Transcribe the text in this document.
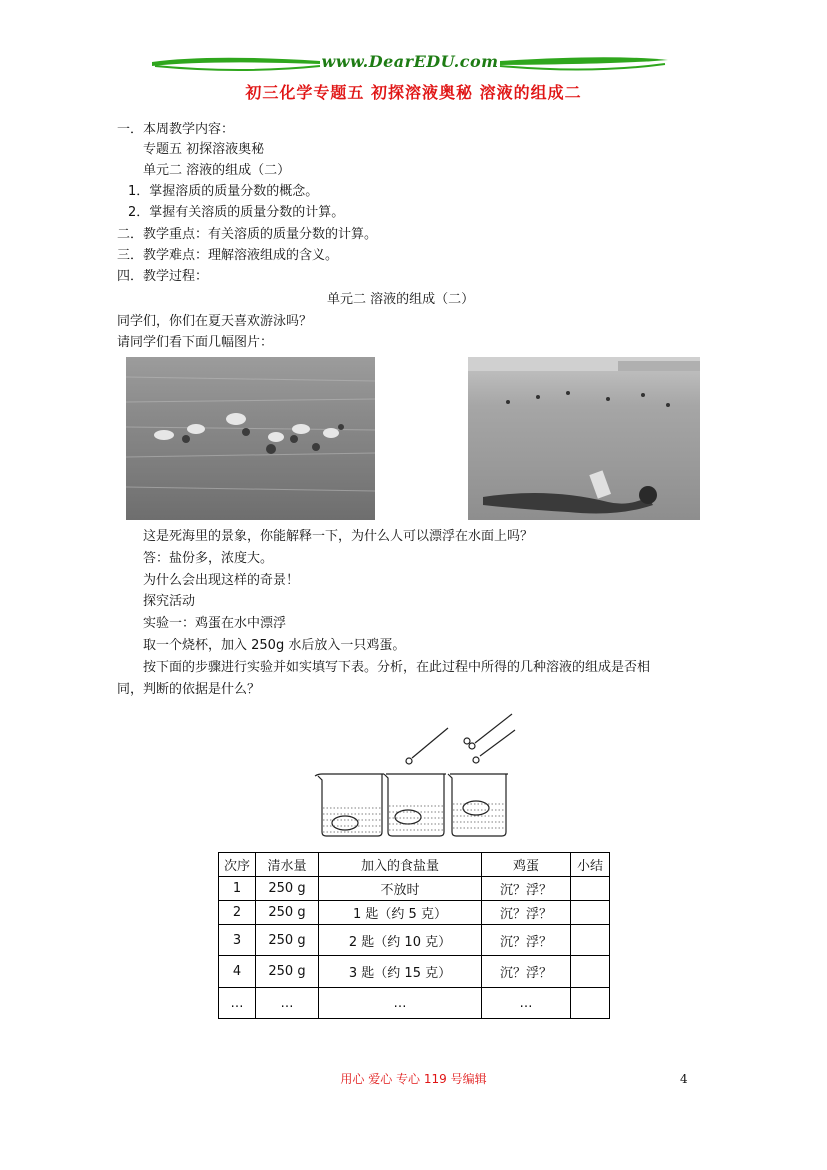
www.DearEDU.com
初三化学专题五 初探溶液奥秘 溶液的组成二
一．本周教学内容：
专题五 初探溶液奥秘
单元二 溶液的组成（二）
1．掌握溶质的质量分数的概念。
2．掌握有关溶质的质量分数的计算。
二．教学重点：有关溶质的质量分数的计算。
三．教学难点：理解溶液组成的含义。
四．教学过程：
单元二 溶液的组成（二）
同学们，你们在夏天喜欢游泳吗？
请同学们看下面几幅图片：
这是死海里的景象，你能解释一下，为什么人可以漂浮在水面上吗？
答：盐份多，浓度大。
为什么会出现这样的奇景！
探究活动
实验一：鸡蛋在水中漂浮
取一个烧杯，加入 250g 水后放入一只鸡蛋。
按下面的步骤进行实验并如实填写下表。分析，在此过程中所得的几种溶液的组成是否相
同，判断的依据是什么？
次序	清水量	加入的食盐量	鸡蛋	小结
1	250 g	不放时	沉？浮？	
2	250 g	1 匙（约 5 克）	沉？浮？	
3	250 g	2 匙（约 10 克）	沉？浮？	
4	250 g	3 匙（约 15 克）	沉？浮？	
…	…	…	…	
用心 爱心 专心 119 号编辑	4
